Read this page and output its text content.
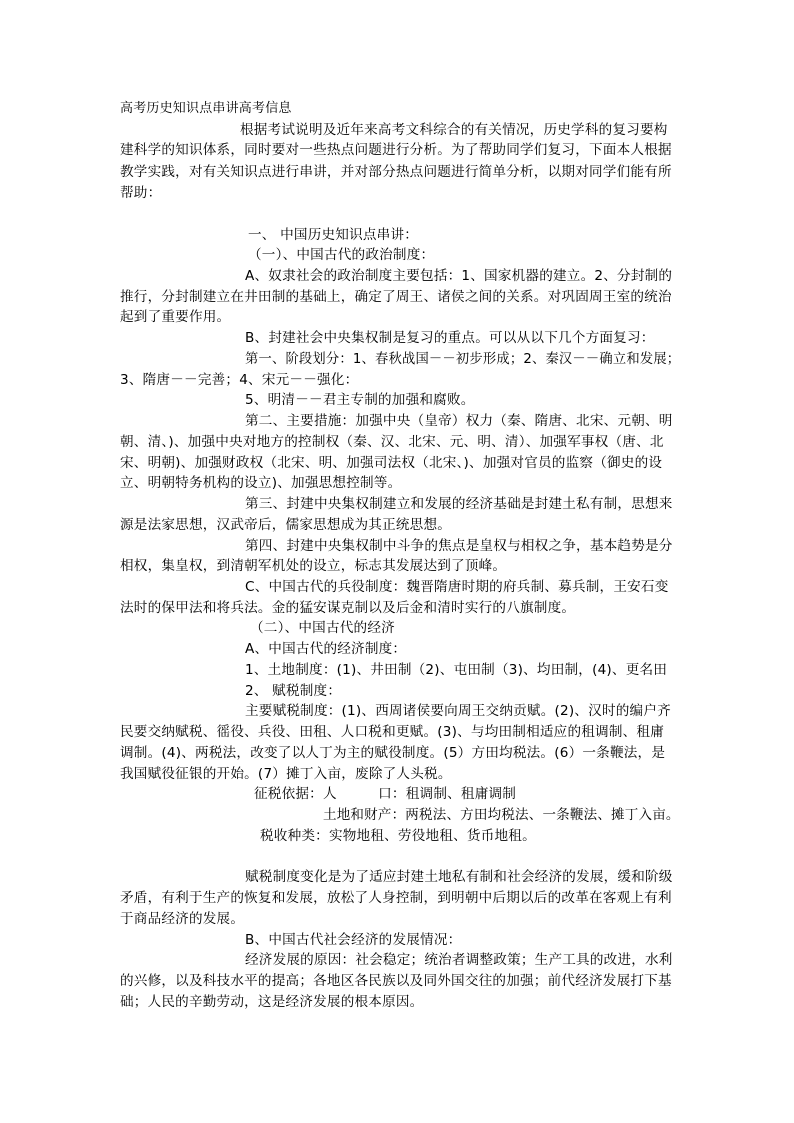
高考历史知识点串讲高考信息
根据考试说明及近年来高考文科综合的有关情况，历史学科的复习要构
建科学的知识体系，同时要对一些热点问题进行分析。为了帮助同学们复习，下面本人根据
教学实践，对有关知识点进行串讲，并对部分热点问题进行简单分析，以期对同学们能有所
帮助：
一、 中国历史知识点串讲：
（一）、中国古代的政治制度：
A、奴隶社会的政治制度主要包括：1、国家机器的建立。2、分封制的
推行，分封制建立在井田制的基础上，确定了周王、诸侯之间的关系。对巩固周王室的统治
起到了重要作用。
B、封建社会中央集权制是复习的重点。可以从以下几个方面复习：
第一、阶段划分：1、春秋战国－－初步形成；2、秦汉－－确立和发展；
3、隋唐－－完善；4、宋元－－强化：
5、明清－－君主专制的加强和腐败。
第二、主要措施：加强中央（皇帝）权力（秦、隋唐、北宋、元朝、明
朝、清、)、加强中央对地方的控制权（秦、汉、北宋、元、明、清）、加强军事权（唐、北
宋、明朝)、加强财政权（北宋、明、加强司法权（北宋、)、加强对官员的监察（御史的设
立、明朝特务机构的设立)、加强思想控制等。
第三、封建中央集权制建立和发展的经济基础是封建土私有制，思想来
源是法家思想，汉武帝后，儒家思想成为其正统思想。
第四、封建中央集权制中斗争的焦点是皇权与相权之争，基本趋势是分
相权，集皇权，到清朝军机处的设立，标志其发展达到了顶峰。
C、中国古代的兵役制度：魏晋隋唐时期的府兵制、募兵制，王安石变
法时的保甲法和将兵法。金的猛安谋克制以及后金和清时实行的八旗制度。
（二）、中国古代的经济
A、中国古代的经济制度：
1、土地制度：(1)、井田制（2)、屯田制（3)、均田制，(4)、更名田
2、 赋税制度：
主要赋税制度：(1)、西周诸侯要向周王交纳贡赋。(2)、汉时的编户齐
民要交纳赋税、徭役、兵役、田租、人口税和更赋。(3)、与均田制相适应的租调制、租庸
调制。(4)、两税法，改变了以人丁为主的赋役制度。(5）方田均税法。(6）一条鞭法，是
我国赋役征银的开始。(7）摊丁入亩，废除了人头税。
征税依据：人　　　口：租调制、租庸调制
土地和财产：两税法、方田均税法、一条鞭法、摊丁入亩。
税收种类：实物地租、劳役地租、货币地租。
赋税制度变化是为了适应封建土地私有制和社会经济的发展，缓和阶级
矛盾，有利于生产的恢复和发展，放松了人身控制，到明朝中后期以后的改革在客观上有利
于商品经济的发展。
B、中国古代社会经济的发展情况：
经济发展的原因：社会稳定；统治者调整政策；生产工具的改进，水利
的兴修，以及科技水平的提高；各地区各民族以及同外国交往的加强；前代经济发展打下基
础；人民的辛勤劳动，这是经济发展的根本原因。
